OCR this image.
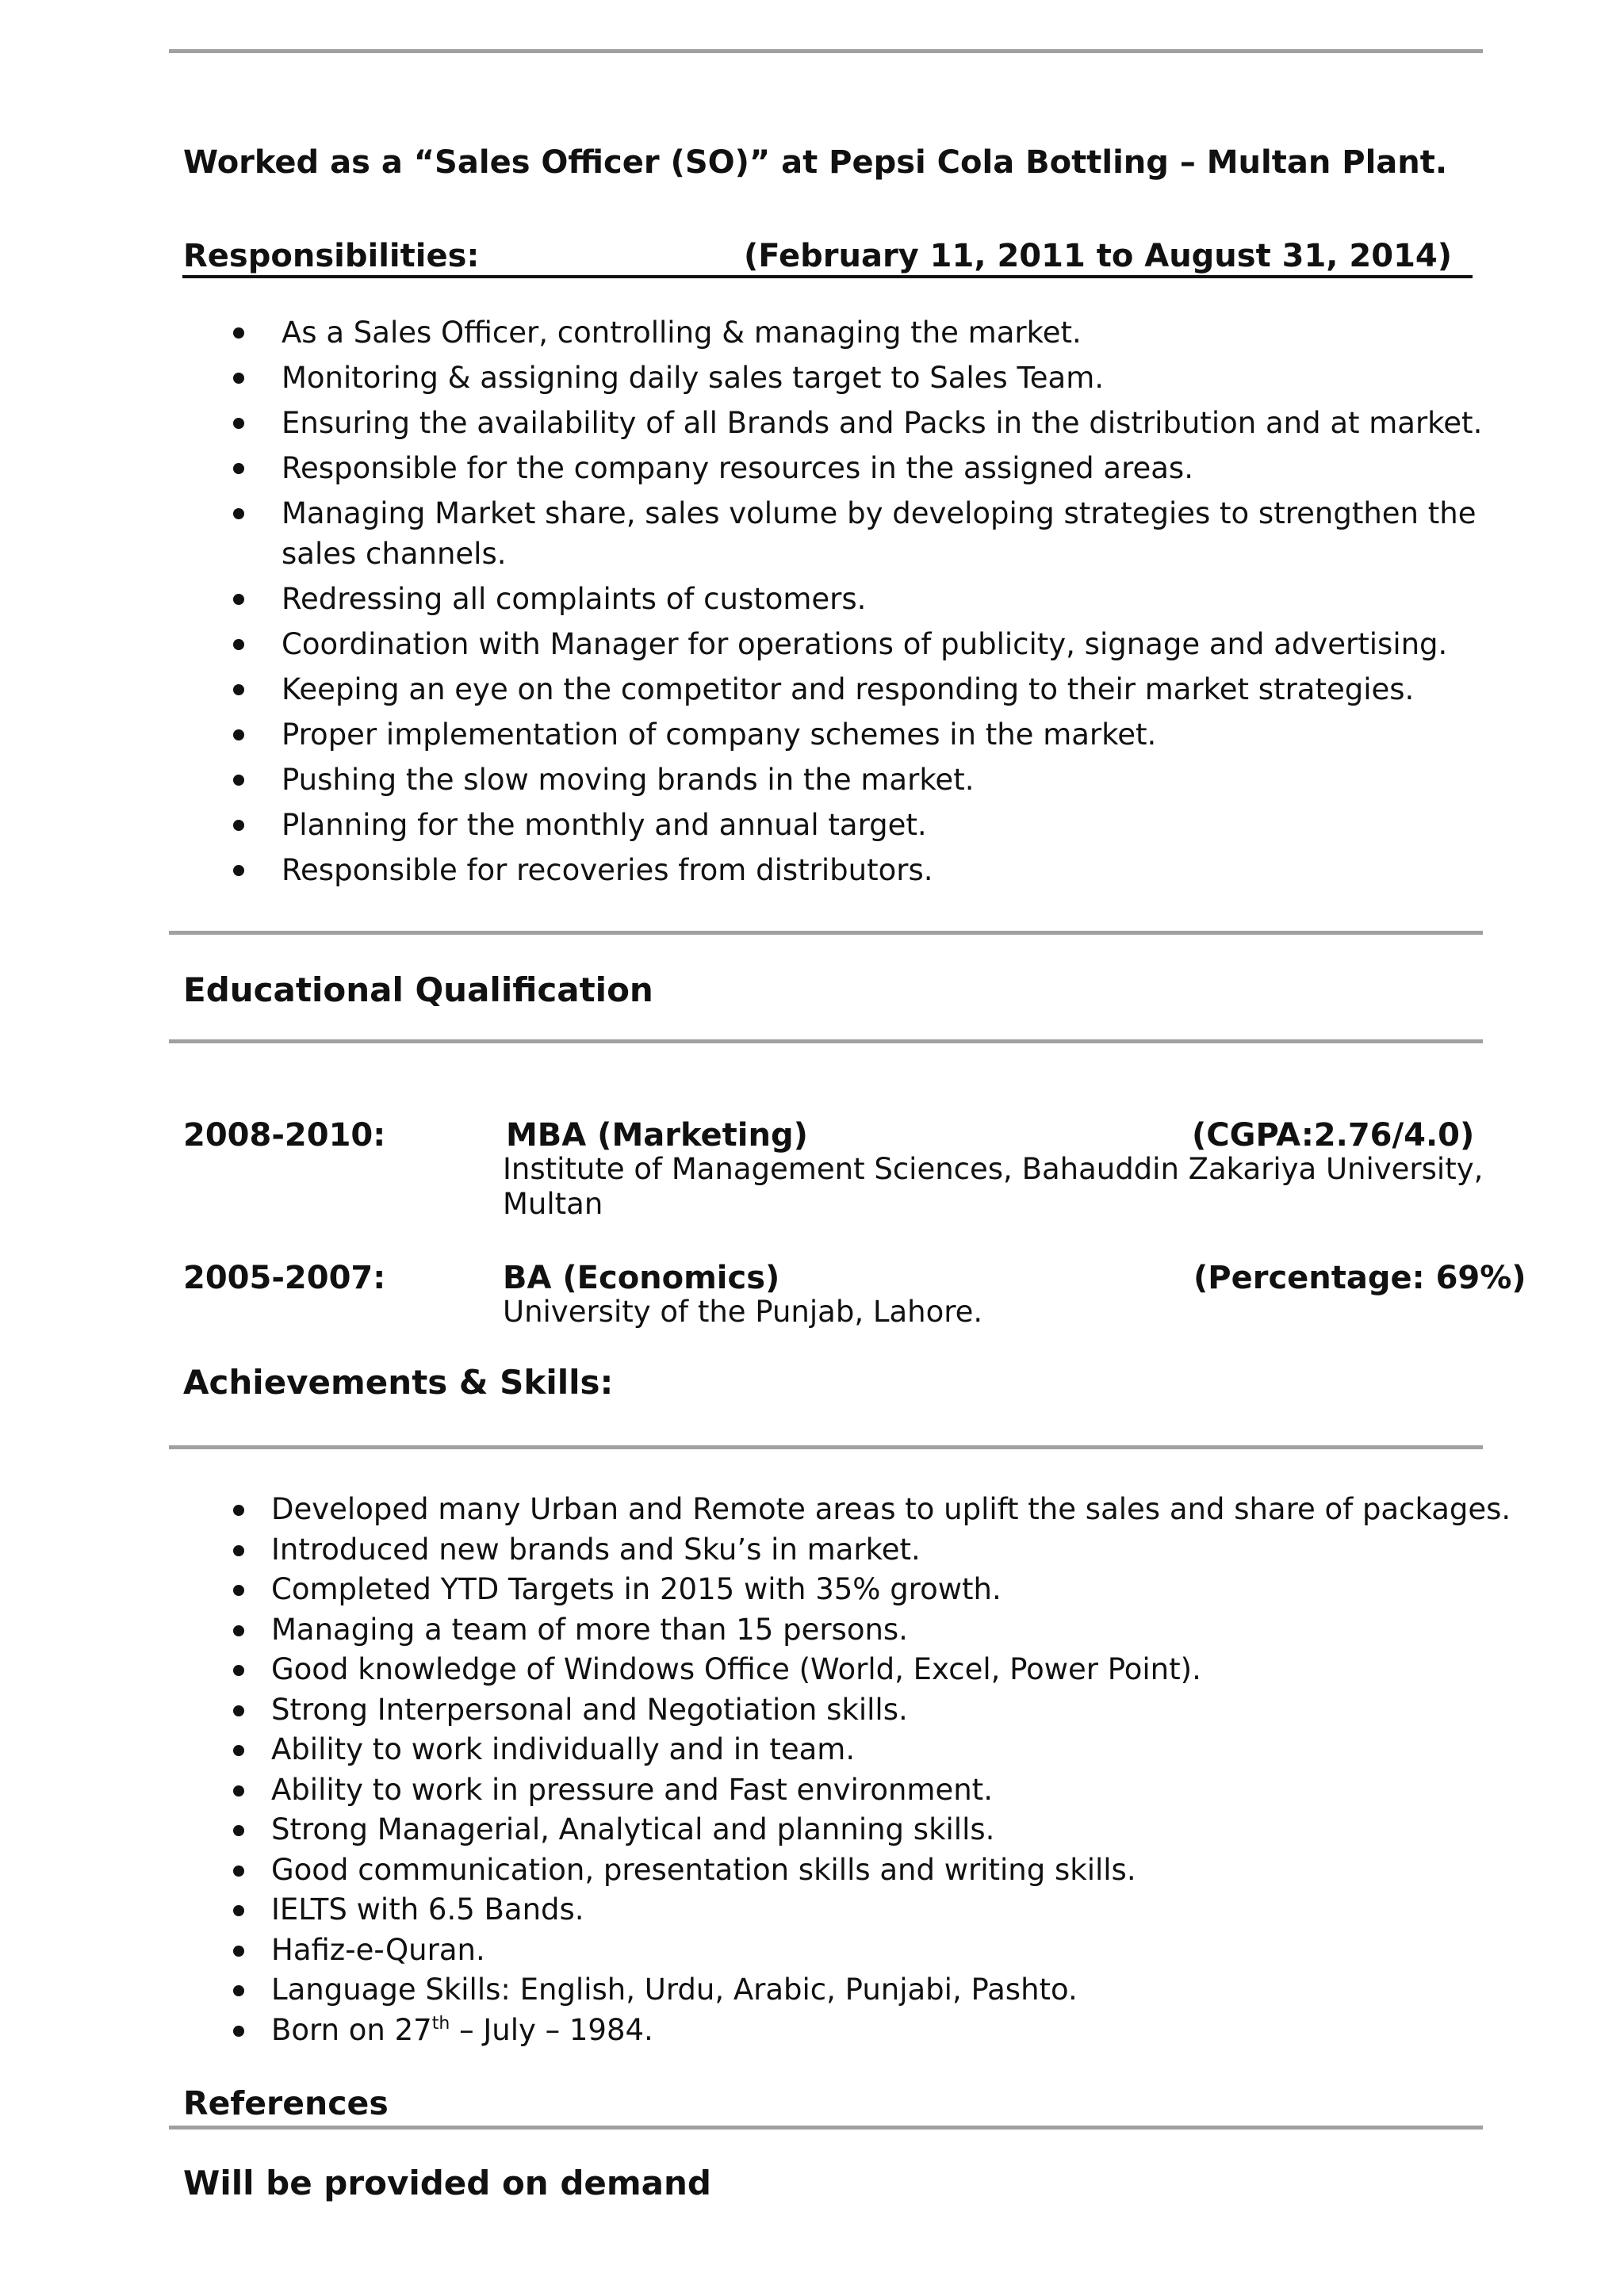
Worked as a “Sales Officer (SO)” at Pepsi Cola Bottling – Multan Plant.
Responsibilities:	(February 11, 2011 to August 31, 2014)
As a Sales Officer, controlling & managing the market.
Monitoring & assigning daily sales target to Sales Team.
Ensuring the availability of all Brands and Packs in the distribution and at market.
Responsible for the company resources in the assigned areas.
Managing Market share, sales volume by developing strategies to strengthen the sales channels.
Redressing all complaints of customers.
Coordination with Manager for operations of publicity, signage and advertising.
Keeping an eye on the competitor and responding to their market strategies.
Proper implementation of company schemes in the market.
Pushing the slow moving brands in the market.
Planning for the monthly and annual target.
Responsible for recoveries from distributors.
Educational Qualification
2008-2010:	MBA (Marketing)	(CGPA:2.76/4.0)
Institute of Management Sciences, Bahauddin Zakariya University,
Multan
2005-2007:	BA (Economics)	(Percentage: 69%)
University of the Punjab, Lahore.
Achievements & Skills:
Developed many Urban and Remote areas to uplift the sales and share of packages.
Introduced new brands and Sku’s in market.
Completed YTD Targets in 2015 with 35% growth.
Managing a team of more than 15 persons.
Good knowledge of Windows Office (World, Excel, Power Point).
Strong Interpersonal and Negotiation skills.
Ability to work individually and in team.
Ability to work in pressure and Fast environment.
Strong Managerial, Analytical and planning skills.
Good communication, presentation skills and writing skills.
IELTS with 6.5 Bands.
Hafiz-e-Quran.
Language Skills: English, Urdu, Arabic, Punjabi, Pashto.
Born on 27th – July – 1984.
References
Will be provided on demand
